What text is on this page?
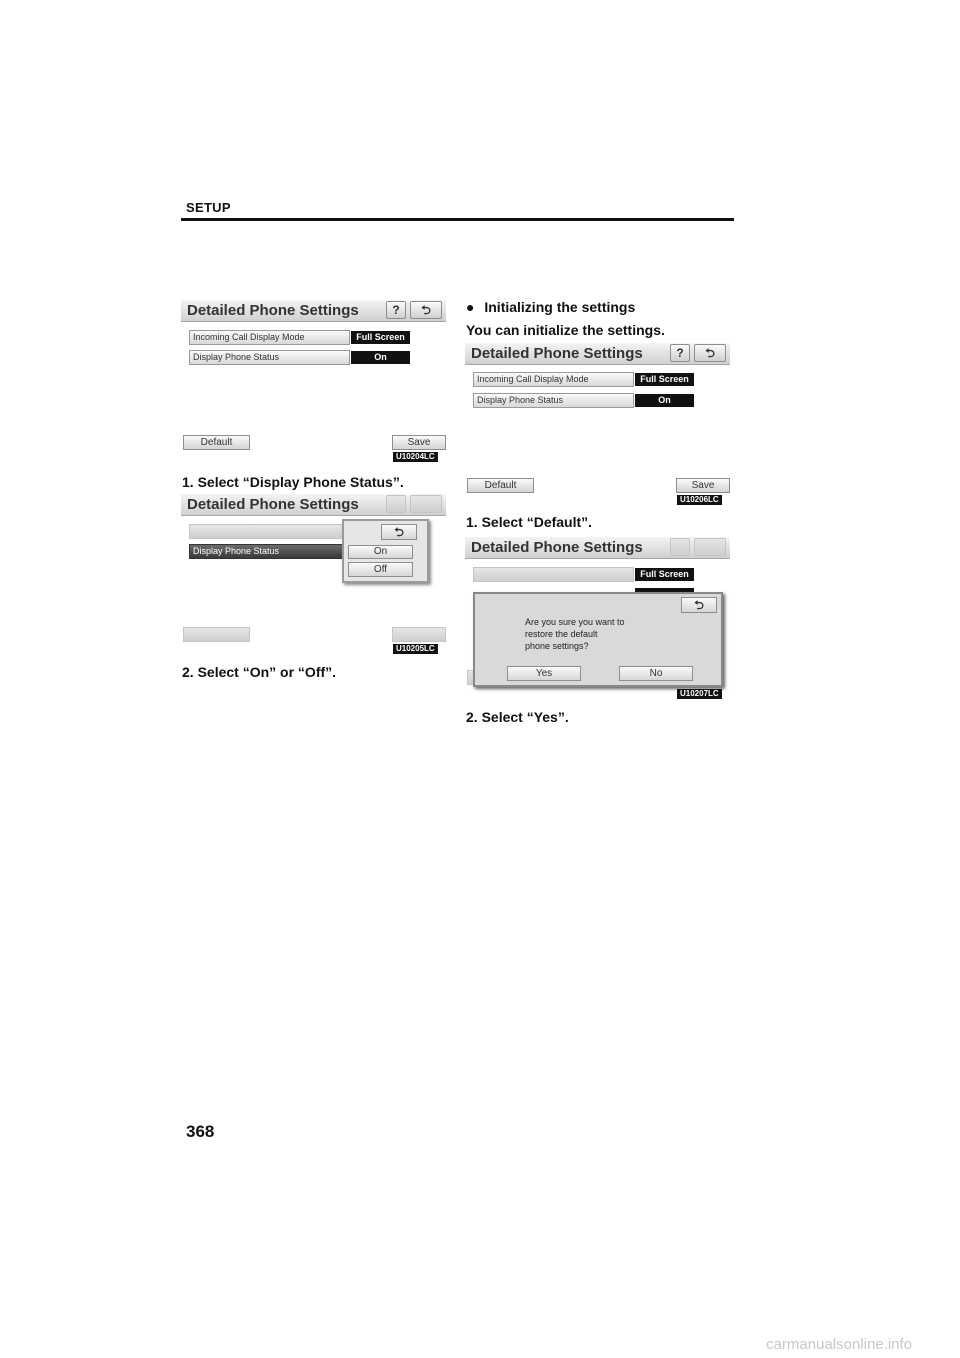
SETUP
Detailed Phone Settings	?	⮌
Incoming Call Display Mode	Full Screen
Display Phone Status	On
Default	Save
U10204LC
1. Select “Display Phone Status”.
Detailed Phone Settings
Display Phone Status
⮌
On
Off
U10205LC
2. Select “On” or “Off”.
● Initializing the settings
You can initialize the settings.
Detailed Phone Settings	?	⮌
Incoming Call Display Mode	Full Screen
Display Phone Status	On
Default	Save
U10206LC
1. Select “Default”.
Detailed Phone Settings
Full Screen
⮌
Are you sure you want to
restore the default
phone settings?
Yes	No
U10207LC
2. Select “Yes”.
368
carmanualsonline.info
